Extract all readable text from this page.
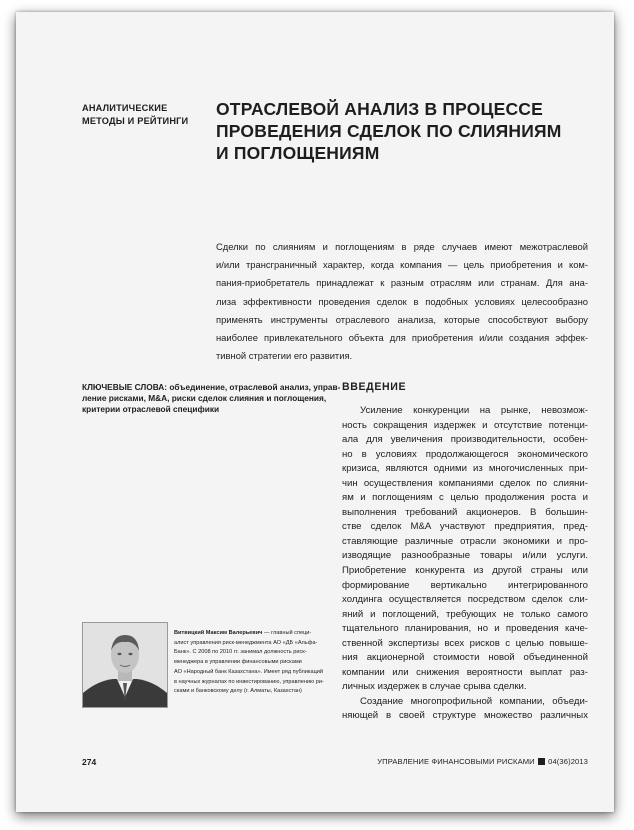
АНАЛИТИЧЕСКИЕ
МЕТОДЫ И РЕЙТИНГИ
ОТРАСЛЕВОЙ АНАЛИЗ В ПРОЦЕССЕ
ПРОВЕДЕНИЯ СДЕЛОК ПО СЛИЯНИЯМ
И ПОГЛОЩЕНИЯМ
Сделки по слияниям и поглощениям в ряде случаев имеют межотраслевой
и/или трансграничный характер, когда компания — цель приобретения и ком-
пания-приобретатель принадлежат к разным отраслям или странам. Для ана-
лиза эффективности проведения сделок в подобных условиях целесообразно
применять инструменты отраслевого анализа, которые способствуют выбору
наиболее привлекательного объекта для приобретения и/или создания эффек-
тивной стратегии его развития.
КЛЮЧЕВЫЕ СЛОВА: объединение, отраслевой анализ, управ-
ление рисками, M&A, риски сделок слияния и поглощения,
критерии отраслевой специфики
ВВЕДЕНИЕ
Усиление конкуренции на рынке, невозмож-
ность сокращения издержек и отсутствие потенци-
ала для увеличения производительности, особен-
но в условиях продолжающегося экономического
кризиса, являются одними из многочисленных при-
чин осуществления компаниями сделок по слияни-
ям и поглощениям с целью продолжения роста и
выполнения требований акционеров. В большин-
стве сделок M&A участвуют предприятия, пред-
ставляющие различные отрасли экономики и про-
изводящие разнообразные товары и/или услуги.
Приобретение конкурента из другой страны или
формирование вертикально интегрированного
холдинга осуществляется посредством сделок сли-
яний и поглощений, требующих не только самого
тщательного планирования, но и проведения каче-
ственной экспертизы всех рисков с целью повыше-
ния акционерной стоимости новой объединенной
компании или снижения вероятности выплат раз-
личных издержек в случае срыва сделки.
Создание многопрофильной компании, объеди-
няющей в своей структуре множество различных
Витвицкий Максим Валерьевич — главный специ-
алист управления риск-менеджмента АО «ДБ «Альфа-
Банк». С 2008 по 2010 гг. занимал должность риск-
менеджера в управлении финансовыми рисками
АО «Народный банк Казахстана». Имеет ряд публикаций
в научных журналах по инвестированию, управлению ри-
сками и банковскому делу (г. Алматы, Казахстан)
274	УПРАВЛЕНИЕ ФИНАНСОВЫМИ РИСКАМИ 04(36)2013
